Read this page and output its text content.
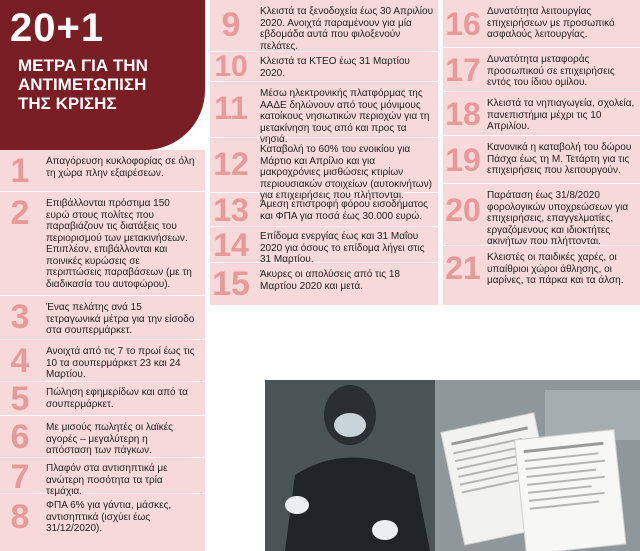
20+1
ΜΕΤΡΑ ΓΙΑ ΤΗΝ
ΑΝΤΙΜΕΤΩΠΙΣΗ
ΤΗΣ ΚΡΙΣΗΣ
1	Απαγόρευση κυκλοφορίας σε όλη τη χώρα πλην εξαιρέσεων.
2	Επιβάλλονται πρόστιμα 150 ευρώ στους πολίτες που παραβιάζουν τις διατάξεις του περιορισμού των μετακινήσεων. Επιπλέον, επιβάλλονται και ποινικές κυρώσεις σε περιπτώσεις παραβάσεων (με τη διαδικασία του αυτοφώρου).
3	Ένας πελάτης ανά 15 τετραγωνικά μέτρα για την είσοδο στα σουπερμάρκετ.
4	Ανοιχτά από τις 7 το πρωί έως τις 10 τα σουπερμάρκετ 23 και 24 Μαρτίου.
5	Πώληση εφημερίδων και από τα σουπερμάρκετ.
6	Με μισούς πωλητές οι λαϊκές αγορές – μεγαλύτερη η απόσταση των πάγκων.
7	Πλαφόν στα αντισηπτικά με ανώτερη ποσότητα τα τρία τεμάχια.
8	ΦΠΑ 6% για γάντια, μάσκες, αντισηπτικά (ισχύει έως 31/12/2020).
9	Κλειστά τα ξενοδοχεία έως 30 Απριλίου 2020. Ανοιχτά παραμένουν για μία εβδομάδα αυτά που φιλοξενούν πελάτες.
10	Κλειστά τα ΚΤΕΟ έως 31 Μαρτίου 2020.
11	Μέσω ηλεκτρονικής πλατφόρμας της ΑΑΔΕ δηλώνουν από τους μόνιμους κατοίκους νησιωτικών περιοχών για τη μετακίνηση τους από και προς τα νησιά.
12	Καταβολή το 60% του ενοικίου για Μάρτιο και Απρίλιο και για μακροχρόνιες μισθώσεις κτιρίων περιουσιακών στοιχείων (αυτοκινήτων) για επιχειρήσεις που πλήττονται.
13	Άμεση επιστροφή φόρου εισοδήματος και ΦΠΑ για ποσά έως 30.000 ευρώ.
14	Επίδομα ενεργίας έως και 31 Μαΐου 2020 για όσους το επίδομα λήγει στις 31 Μαρτίου.
15 Άκυρες οι απολύσεις από τις 18 Μαρτίου 2020 και μετά.
16 Δυνατότητα λειτουργίας επιχειρήσεων με προσωπικό ασφαλούς λειτουργίας.
17 Δυνατότητα μεταφοράς προσωπικού σε επιχειρήσεις εντός του ίδιου ομίλου.
18 Κλειστά τα νηπιαγωγεία, σχολεία, πανεπιστήμια μέχρι τις 10 Απριλίου.
19 Κανονικά η καταβολή του δώρου Πάσχα έως τη Μ. Τετάρτη για τις επιχειρήσεις που λειτουργούν.
20 Παράταση έως 31/8/2020 φορολογικών υποχρεώσεων για επιχειρήσεις, επαγγελματίες, εργαζόμενους και ιδιοκτήτες ακινήτων που πλήττονται.
21 Κλειστές οι παιδικές χαρές, οι υπαίθριοι χώροι άθλησης, οι μαρίνες, τα πάρκα και τα άλση.
